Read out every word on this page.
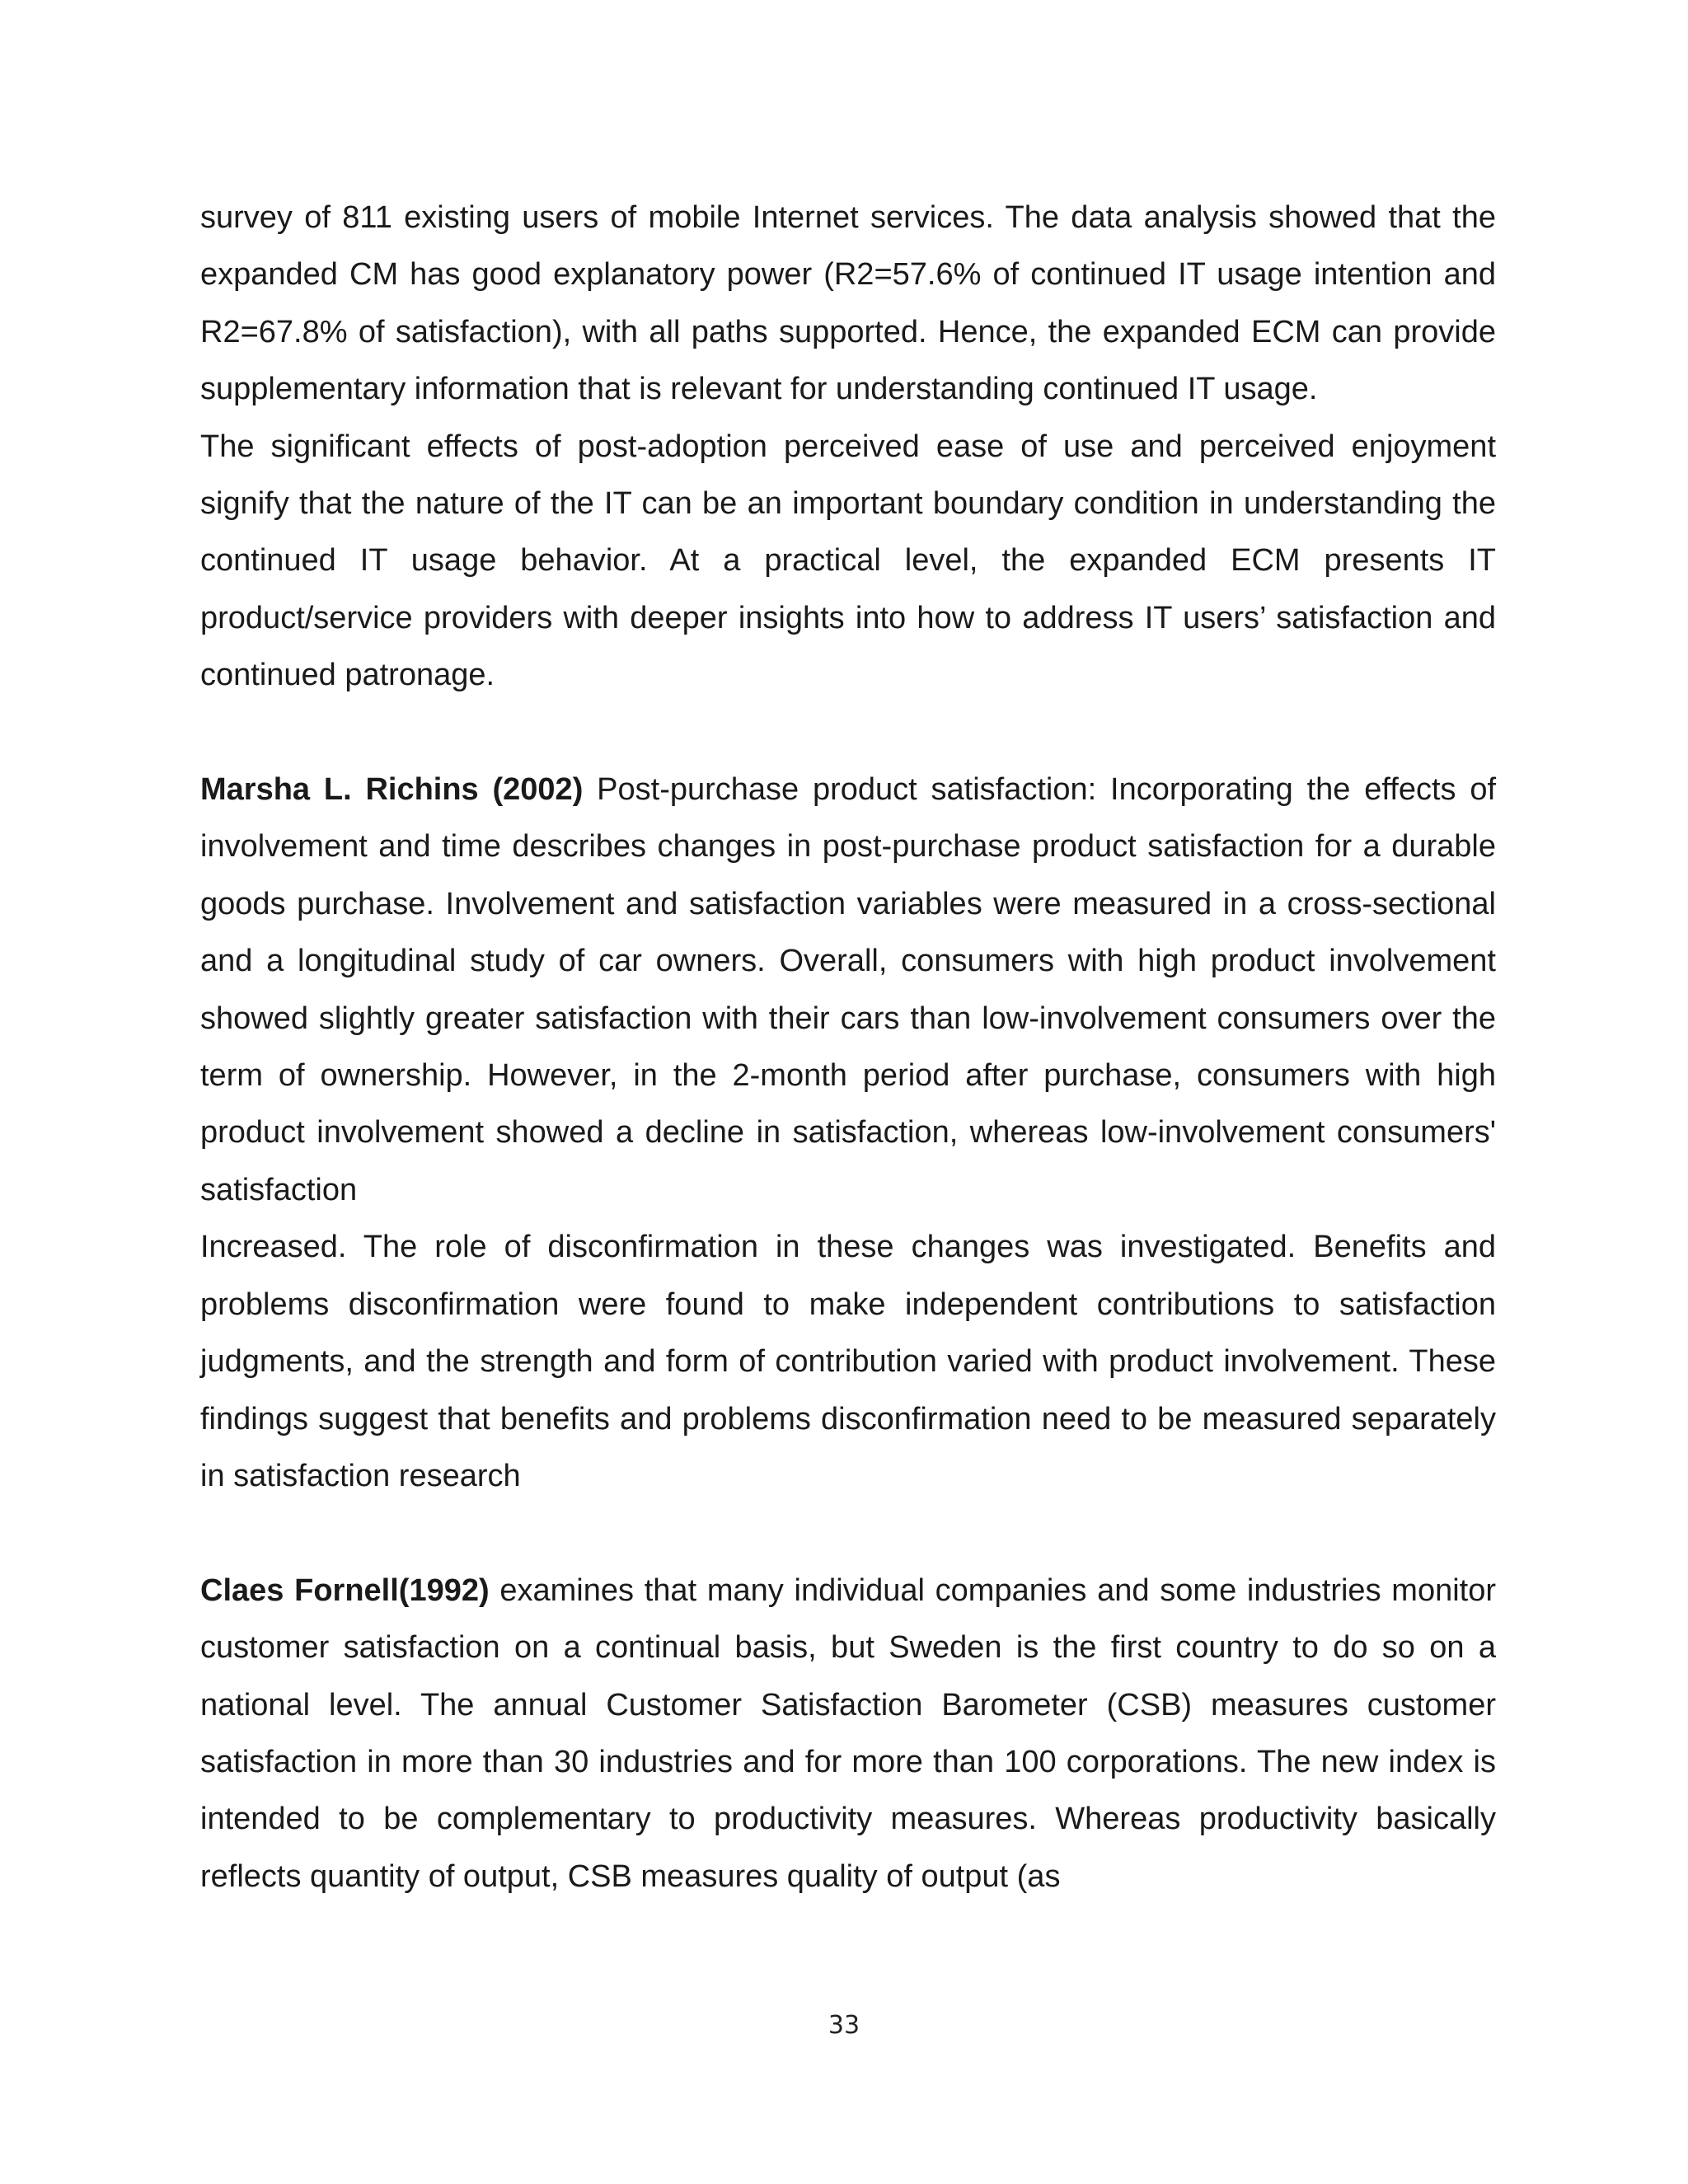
survey of 811 existing users of mobile Internet services. The data analysis showed that the expanded CM has good explanatory power (R2=57.6% of continued IT usage intention and R2=67.8% of satisfaction), with all paths supported. Hence, the expanded ECM can provide supplementary information that is relevant for understanding continued IT usage.

The significant effects of post-adoption perceived ease of use and perceived enjoyment signify that the nature of the IT can be an important boundary condition in understanding the continued IT usage behavior. At a practical level, the expanded ECM presents IT product/service providers with deeper insights into how to address IT users’ satisfaction and continued patronage.

Marsha L. Richins (2002) Post-purchase product satisfaction: Incorporating the effects of involvement and time describes changes in post-purchase product satisfaction for a durable goods purchase. Involvement and satisfaction variables were measured in a cross-sectional and a longitudinal study of car owners. Overall, consumers with high product involvement showed slightly greater satisfaction with their cars than low-involvement consumers over the term of ownership. However, in the 2-month period after purchase, consumers with high product involvement showed a decline in satisfaction, whereas low-involvement consumers' satisfaction

Increased. The role of disconfirmation in these changes was investigated. Benefits and problems disconfirmation were found to make independent contributions to satisfaction judgments, and the strength and form of contribution varied with product involvement. These findings suggest that benefits and problems disconfirmation need to be measured separately in satisfaction research

Claes Fornell(1992) examines that many individual companies and some industries monitor customer satisfaction on a continual basis, but Sweden is the first country to do so on a national level. The annual Customer Satisfaction Barometer (CSB) measures customer satisfaction in more than 30 industries and for more than 100 corporations. The new index is intended to be complementary to productivity measures. Whereas productivity basically reflects quantity of output, CSB measures quality of output (as

33
